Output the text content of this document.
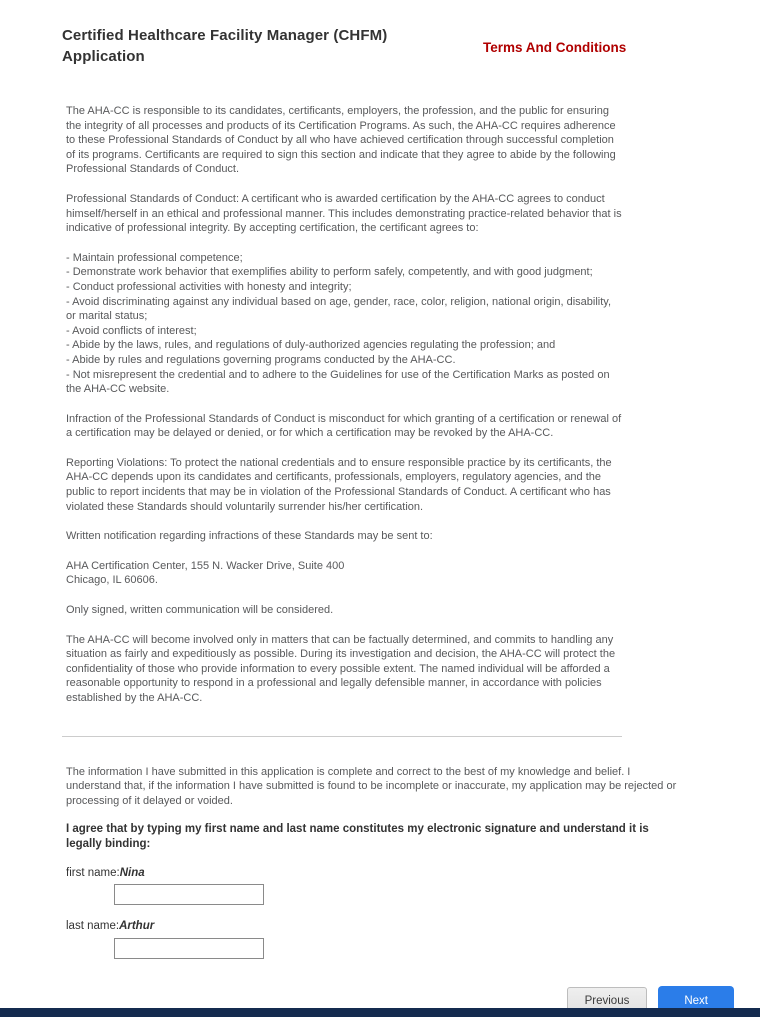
Certified Healthcare Facility Manager (CHFM) Application
Terms And Conditions

The AHA-CC is responsible to its candidates, certificants, employers, the profession, and the public for ensuring the integrity of all processes and products of its Certification Programs. As such, the AHA-CC requires adherence to these Professional Standards of Conduct by all who have achieved certification through successful completion of its programs. Certificants are required to sign this section and indicate that they agree to abide by the following Professional Standards of Conduct.

Professional Standards of Conduct: A certificant who is awarded certification by the AHA-CC agrees to conduct himself/herself in an ethical and professional manner. This includes demonstrating practice-related behavior that is indicative of professional integrity. By accepting certification, the certificant agrees to:

- Maintain professional competence;
- Demonstrate work behavior that exemplifies ability to perform safely, competently, and with good judgment;
- Conduct professional activities with honesty and integrity;
- Avoid discriminating against any individual based on age, gender, race, color, religion, national origin, disability, or marital status;
- Avoid conflicts of interest;
- Abide by the laws, rules, and regulations of duly-authorized agencies regulating the profession; and
- Abide by rules and regulations governing programs conducted by the AHA-CC.
- Not misrepresent the credential and to adhere to the Guidelines for use of the Certification Marks as posted on the AHA-CC website.

Infraction of the Professional Standards of Conduct is misconduct for which granting of a certification or renewal of a certification may be delayed or denied, or for which a certification may be revoked by the AHA-CC.

Reporting Violations: To protect the national credentials and to ensure responsible practice by its certificants, the AHA-CC depends upon its candidates and certificants, professionals, employers, regulatory agencies, and the public to report incidents that may be in violation of the Professional Standards of Conduct. A certificant who has violated these Standards should voluntarily surrender his/her certification.

Written notification regarding infractions of these Standards may be sent to:

AHA Certification Center, 155 N. Wacker Drive, Suite 400
Chicago, IL 60606.

Only signed, written communication will be considered.

The AHA-CC will become involved only in matters that can be factually determined, and commits to handling any situation as fairly and expeditiously as possible. During its investigation and decision, the AHA-CC will protect the confidentiality of those who provide information to every possible extent. The named individual will be afforded a reasonable opportunity to respond in a professional and legally defensible manner, in accordance with policies established by the AHA-CC.

The information I have submitted in this application is complete and correct to the best of my knowledge and belief. I understand that, if the information I have submitted is found to be incomplete or inaccurate, my application may be rejected or processing of it delayed or voided.

I agree that by typing my first name and last name constitutes my electronic signature and understand it is legally binding:

first name:Nina
last name:Arthur
Previous	Next
